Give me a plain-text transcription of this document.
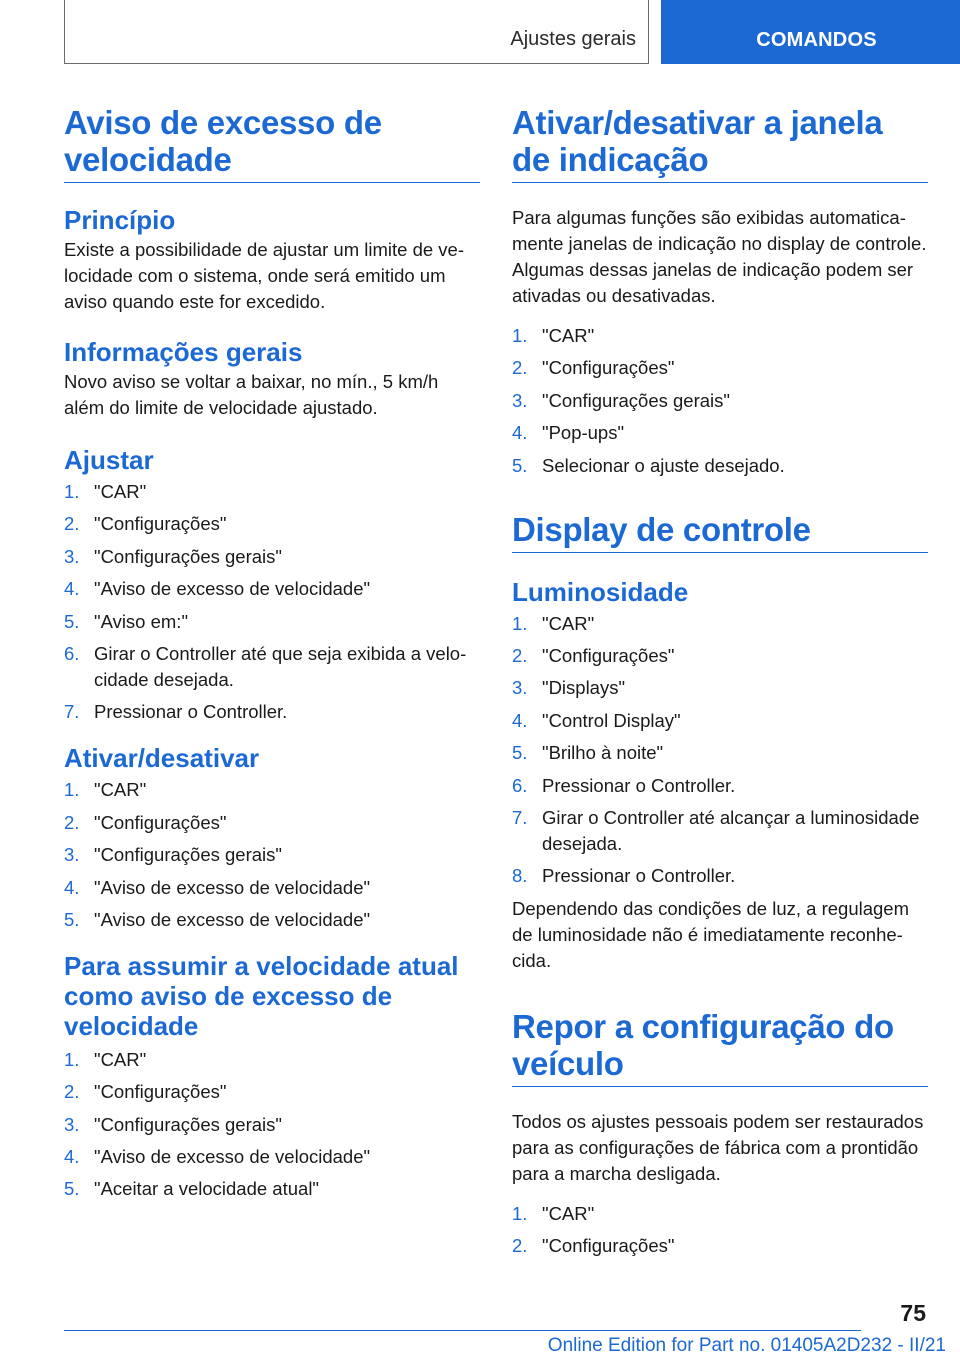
Ajustes gerais	COMANDOS
Aviso de excesso de velocidade
Princípio

Existe a possibilidade de ajustar um limite de velocidade com o sistema, onde será emitido um aviso quando este for excedido.

Informações gerais

Novo aviso se voltar a baixar, no mín., 5 km/h além do limite de velocidade ajustado.

Ajustar
1. "CAR"
2. "Configurações"
3. "Configurações gerais"
4. "Aviso de excesso de velocidade"
5. "Aviso em:"
6. Girar o Controller até que seja exibida a velocidade desejada.
7. Pressionar o Controller.
Ativar/desativar
1. "CAR"
2. "Configurações"
3. "Configurações gerais"
4. "Aviso de excesso de velocidade"
5. "Aviso de excesso de velocidade"
Para assumir a velocidade atual como aviso de excesso de velocidade
1. "CAR"
2. "Configurações"
3. "Configurações gerais"
4. "Aviso de excesso de velocidade"
5. "Aceitar a velocidade atual"
Ativar/desativar a janela de indicação

Para algumas funções são exibidas automaticamente janelas de indicação no display de controle. Algumas dessas janelas de indicação podem ser ativadas ou desativadas.

1. "CAR"
2. "Configurações"
3. "Configurações gerais"
4. "Pop-ups"
5. Selecionar o ajuste desejado.
Display de controle
Luminosidade
1. "CAR"
2. "Configurações"
3. "Displays"
4. "Control Display"
5. "Brilho à noite"
6. Pressionar o Controller.
7. Girar o Controller até alcançar a luminosidade desejada.
8. Pressionar o Controller.

Dependendo das condições de luz, a regulagem de luminosidade não é imediatamente reconhecida.

Repor a configuração do veículo

Todos os ajustes pessoais podem ser restaurados para as configurações de fábrica com a prontidão para a marcha desligada.

1. "CAR"
2. "Configurações"
75
Online Edition for Part no. 01405A2D232 - II/21
